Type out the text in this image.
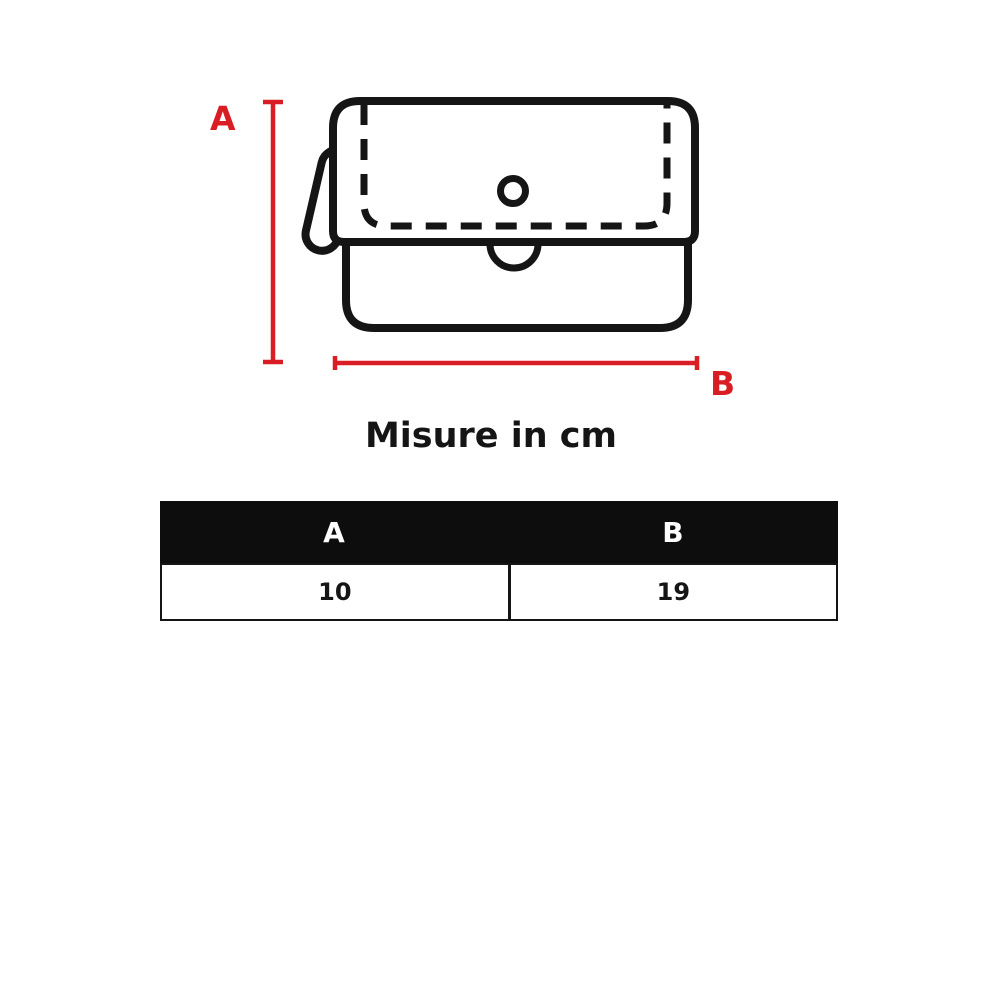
A
B
Misure in cm
A	B
10	19
